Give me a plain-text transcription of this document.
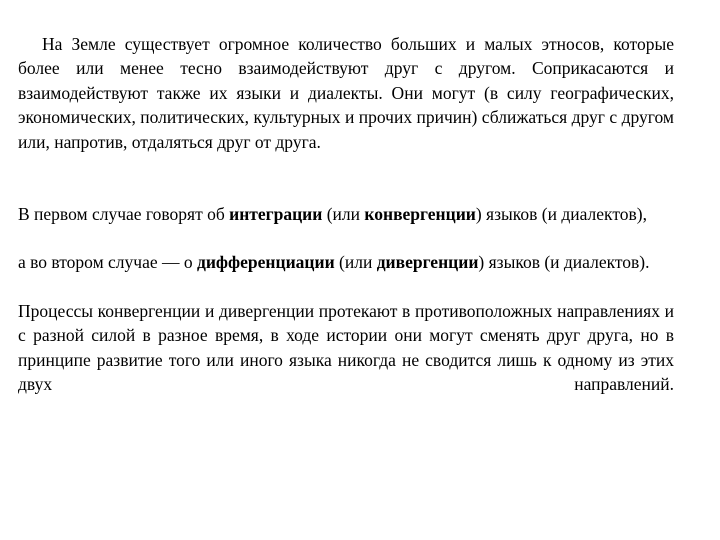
На Земле существует огромное количество больших и малых этносов, которые более или менее тесно взаимодействуют друг с другом. Соприкасаются и взаимодействуют также их языки и диалекты. Они могут (в силу географических, экономических, политических, культурных и прочих причин) сближаться друг с другом или, напротив, отдаляться друг от друга.

В первом случае говорят об интеграции (или конвергенции) языков (и диалектов),

а во втором случае — о дифференциации (или дивергенции) языков (и диалектов).

Процессы конвергенции и дивергенции протекают в противоположных направлениях и с разной силой в разное время, в ходе истории они могут сменять друг друга, но в принципе развитие того или иного языка никогда не сводится лишь к одному из этих двух направлений.
